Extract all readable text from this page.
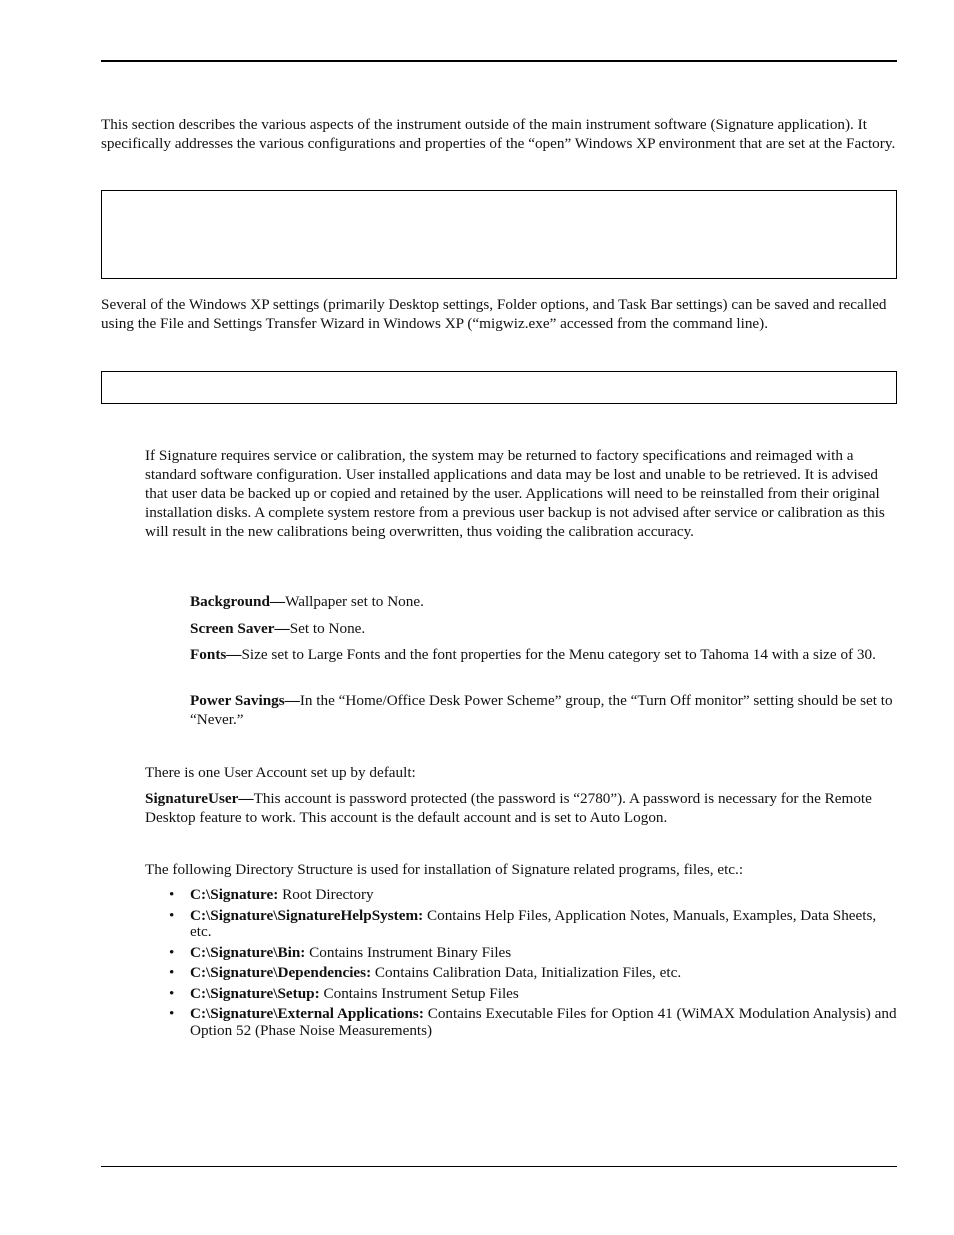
This section describes the various aspects of the instrument outside of the main instrument software (Signature application). It specifically addresses the various configurations and properties of the “open” Windows XP environment that are set at the Factory.

Several of the Windows XP settings (primarily Desktop settings, Folder options, and Task Bar settings) can be saved and recalled using the File and Settings Transfer Wizard in Windows XP (“migwiz.exe” accessed from the command line).

If Signature requires service or calibration, the system may be returned to factory specifications and reimaged with a standard software configuration. User installed applications and data may be lost and unable to be retrieved. It is advised that user data be backed up or copied and retained by the user. Applications will need to be reinstalled from their original installation disks. A complete system restore from a previous user backup is not advised after service or calibration as this will result in the new calibrations being overwritten, thus voiding the calibration accuracy.

Background—Wallpaper set to None.

Screen Saver—Set to None.

Fonts—Size set to Large Fonts and the font properties for the Menu category set to Tahoma 14 with a size of 30.

Power Savings—In the “Home/Office Desk Power Scheme” group, the “Turn Off monitor” setting should be set to “Never.”

There is one User Account set up by default:

SignatureUser—This account is password protected (the password is “2780”). A password is necessary for the Remote Desktop feature to work. This account is the default account and is set to Auto Logon.

The following Directory Structure is used for installation of Signature related programs, files, etc.:

• C:\Signature: Root Directory
• C:\Signature\SignatureHelpSystem: Contains Help Files, Application Notes, Manuals, Examples, Data Sheets, etc.
• C:\Signature\Bin: Contains Instrument Binary Files
• C:\Signature\Dependencies: Contains Calibration Data, Initialization Files, etc.
• C:\Signature\Setup: Contains Instrument Setup Files
• C:\Signature\External Applications: Contains Executable Files for Option 41 (WiMAX Modulation Analysis) and Option 52 (Phase Noise Measurements)
